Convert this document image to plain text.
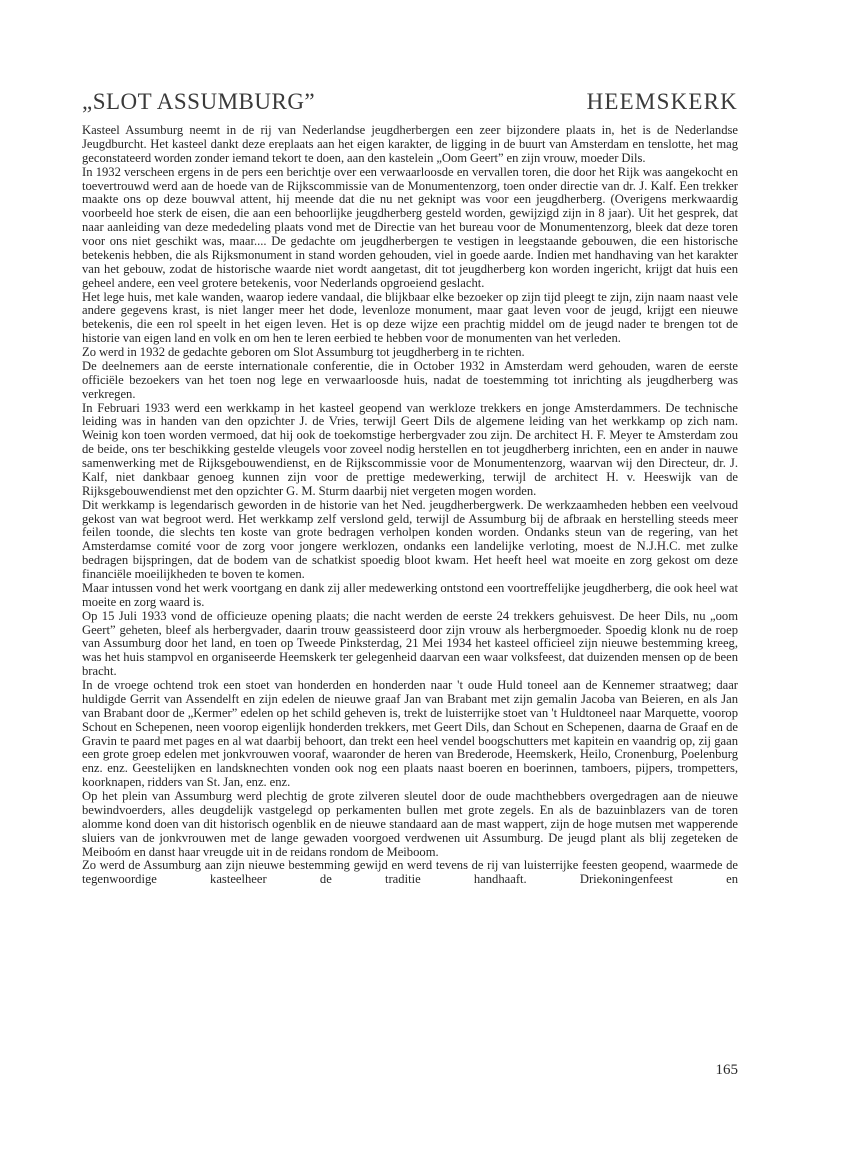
„SLOT ASSUMBURG”	HEEMSKERK

Kasteel Assumburg neemt in de rij van Nederlandse jeugdherbergen een zeer bijzondere plaats in, het is de Nederlandse Jeugdburcht. Het kasteel dankt deze ereplaats aan het eigen karakter, de ligging in de buurt van Amsterdam en tenslotte, het mag geconstateerd worden zonder iemand tekort te doen, aan den kastelein „Oom Geert” en zijn vrouw, moeder Dils.

In 1932 verscheen ergens in de pers een berichtje over een verwaarloosde en vervallen toren, die door het Rijk was aangekocht en toevertrouwd werd aan de hoede van de Rijkscommissie van de Monumentenzorg, toen onder directie van dr. J. Kalf. Een trekker maakte ons op deze bouwval attent, hij meende dat die nu net geknipt was voor een jeugdherberg. (Overigens merkwaardig voorbeeld hoe sterk de eisen, die aan een behoorlijke jeugdherberg gesteld worden, gewijzigd zijn in 8 jaar). Uit het gesprek, dat naar aanleiding van deze mededeling plaats vond met de Directie van het bureau voor de Monumentenzorg, bleek dat deze toren voor ons niet geschikt was, maar.... De gedachte om jeugdherbergen te vestigen in leegstaande gebouwen, die een historische betekenis hebben, die als Rijksmonument in stand worden gehouden, viel in goede aarde. Indien met handhaving van het karakter van het gebouw, zodat de historische waarde niet wordt aangetast, dit tot jeugdherberg kon worden ingericht, krijgt dat huis een geheel andere, een veel grotere betekenis, voor Nederlands opgroeiend geslacht.

Het lege huis, met kale wanden, waarop iedere vandaal, die blijkbaar elke bezoeker op zijn tijd pleegt te zijn, zijn naam naast vele andere gegevens krast, is niet langer meer het dode, levenloze monument, maar gaat leven voor de jeugd, krijgt een nieuwe betekenis, die een rol speelt in het eigen leven. Het is op deze wijze een prachtig middel om de jeugd nader te brengen tot de historie van eigen land en volk en om hen te leren eerbied te hebben voor de monumenten van het verleden.

Zo werd in 1932 de gedachte geboren om Slot Assumburg tot jeugdherberg in te richten.

De deelnemers aan de eerste internationale conferentie, die in October 1932 in Amsterdam werd gehouden, waren de eerste officiële bezoekers van het toen nog lege en verwaarloosde huis, nadat de toestemming tot inrichting als jeugdherberg was verkregen.

In Februari 1933 werd een werkkamp in het kasteel geopend van werkloze trekkers en jonge Amsterdammers. De technische leiding was in handen van den opzichter J. de Vries, terwijl Geert Dils de algemene leiding van het werkkamp op zich nam. Weinig kon toen worden vermoed, dat hij ook de toekomstige herbergvader zou zijn. De architect H. F. Meyer te Amsterdam zou de beide, ons ter beschikking gestelde vleugels voor zoveel nodig herstellen en tot jeugdherberg inrichten, een en ander in nauwe samenwerking met de Rijksgebouwendienst, en de Rijkscommissie voor de Monumentenzorg, waarvan wij den Directeur, dr. J. Kalf, niet dankbaar genoeg kunnen zijn voor de prettige medewerking, terwijl de architect H. v. Heeswijk van de Rijksgebouwendienst met den opzichter G. M. Sturm daarbij niet vergeten mogen worden.

Dit werkkamp is legendarisch geworden in de historie van het Ned. jeugdherbergwerk. De werkzaamheden hebben een veelvoud gekost van wat begroot werd. Het werkkamp zelf verslond geld, terwijl de Assumburg bij de afbraak en herstelling steeds meer feilen toonde, die slechts ten koste van grote bedragen verholpen konden worden. Ondanks steun van de regering, van het Amsterdamse comité voor de zorg voor jongere werklozen, ondanks een landelijke verloting, moest de N.J.H.C. met zulke bedragen bijspringen, dat de bodem van de schatkist spoedig bloot kwam. Het heeft heel wat moeite en zorg gekost om deze financiële moeilijkheden te boven te komen.

Maar intussen vond het werk voortgang en dank zij aller medewerking ontstond een voortreffelijke jeugdherberg, die ook heel wat moeite en zorg waard is.

Op 15 Juli 1933 vond de officieuze opening plaats; die nacht werden de eerste 24 trekkers gehuisvest. De heer Dils, nu „oom Geert” geheten, bleef als herbergvader, daarin trouw geassisteerd door zijn vrouw als herbergmoeder. Spoedig klonk nu de roep van Assumburg door het land, en toen op Tweede Pinksterdag, 21 Mei 1934 het kasteel officieel zijn nieuwe bestemming kreeg, was het huis stampvol en organiseerde Heemskerk ter gelegenheid daarvan een waar volksfeest, dat duizenden mensen op de been bracht.

In de vroege ochtend trok een stoet van honderden en honderden naar 't oude Huld toneel aan de Kennemer straatweg; daar huldigde Gerrit van Assendelft en zijn edelen de nieuwe graaf Jan van Brabant met zijn gemalin Jacoba van Beieren, en als Jan van Brabant door de „Kermer” edelen op het schild geheven is, trekt de luisterrijke stoet van 't Huldtoneel naar Marquette, voorop Schout en Schepenen, neen voorop eigenlijk honderden trekkers, met Geert Dils, dan Schout en Schepenen, daarna de Graaf en de Gravin te paard met pages en al wat daarbij behoort, dan trekt een heel vendel boogschutters met kapitein en vaandrig op, zij gaan een grote groep edelen met jonkvrouwen vooraf, waaronder de heren van Brederode, Heemskerk, Heilo, Cronenburg, Poelenburg enz. enz. Geestelijken en landsknechten vonden ook nog een plaats naast boeren en boerinnen, tamboers, pijpers, trompetters, koorknapen, ridders van St. Jan, enz. enz.

Op het plein van Assumburg werd plechtig de grote zilveren sleutel door de oude machthebbers overgedragen aan de nieuwe bewindvoerders, alles deugdelijk vastgelegd op perkamenten bullen met grote zegels. En als de bazuinblazers van de toren alomme kond doen van dit historisch ogenblik en de nieuwe standaard aan de mast wappert, zijn de hoge mutsen met wapperende sluiers van de jonkvrouwen met de lange gewaden voorgoed verdwenen uit Assumburg. De jeugd plant als blij zegeteken de Meiboóm en danst haar vreugde uit in de reidans rondom de Meiboom.

Zo werd de Assumburg aan zijn nieuwe bestemming gewijd en werd tevens de rij van luisterrijke feesten geopend, waarmede de tegenwoordige kasteelheer de traditie handhaaft. Driekoningenfeest en

165
